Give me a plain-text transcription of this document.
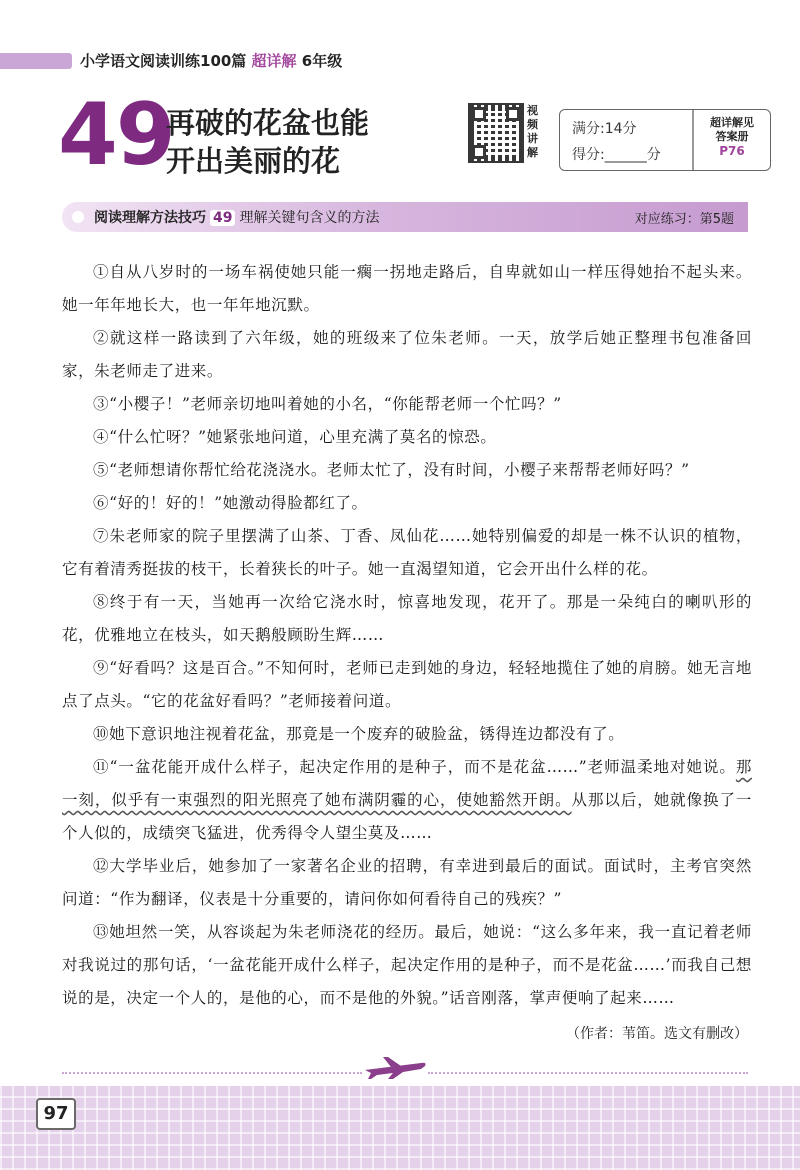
小学语文阅读训练100篇 超详解 6年级
49
再破的花盆也能
开出美丽的花
视频讲解
满分:14分
得分:______分
超详解见
答案册
P76
阅读理解方法技巧 49 理解关键句含义的方法	对应练习：第5题

①自从八岁时的一场车祸使她只能一瘸一拐地走路后，自卑就如山一样压得她抬不起头来。她一年年地长大，也一年年地沉默。

②就这样一路读到了六年级，她的班级来了位朱老师。一天，放学后她正整理书包准备回家，朱老师走了进来。

③“小樱子！”老师亲切地叫着她的小名，“你能帮老师一个忙吗？”

④“什么忙呀？”她紧张地问道，心里充满了莫名的惊恐。

⑤“老师想请你帮忙给花浇浇水。老师太忙了，没有时间，小樱子来帮帮老师好吗？”

⑥“好的！好的！”她激动得脸都红了。

⑦朱老师家的院子里摆满了山茶、丁香、凤仙花……她特别偏爱的却是一株不认识的植物，它有着清秀挺拔的枝干，长着狭长的叶子。她一直渴望知道，它会开出什么样的花。

⑧终于有一天，当她再一次给它浇水时，惊喜地发现，花开了。那是一朵纯白的喇叭形的花，优雅地立在枝头，如天鹅般顾盼生辉……

⑨“好看吗？这是百合。”不知何时，老师已走到她的身边，轻轻地揽住了她的肩膀。她无言地点了点头。“它的花盆好看吗？”老师接着问道。

⑩她下意识地注视着花盆，那竟是一个废弃的破脸盆，锈得连边都没有了。

⑪“一盆花能开成什么样子，起决定作用的是种子，而不是花盆……”老师温柔地对她说。那一刻，似乎有一束强烈的阳光照亮了她布满阴霾的心，使她豁然开朗。从那以后，她就像换了一个人似的，成绩突飞猛进，优秀得令人望尘莫及……

⑫大学毕业后，她参加了一家著名企业的招聘，有幸进到最后的面试。面试时，主考官突然问道：“作为翻译，仪表是十分重要的，请问你如何看待自己的残疾？”

⑬她坦然一笑，从容谈起为朱老师浇花的经历。最后，她说：“这么多年来，我一直记着老师对我说过的那句话，‘一盆花能开成什么样子，起决定作用的是种子，而不是花盆……’而我自己想说的是，决定一个人的，是他的心，而不是他的外貌。”话音刚落，掌声便响了起来……

（作者：苇笛。选文有删改）
97
